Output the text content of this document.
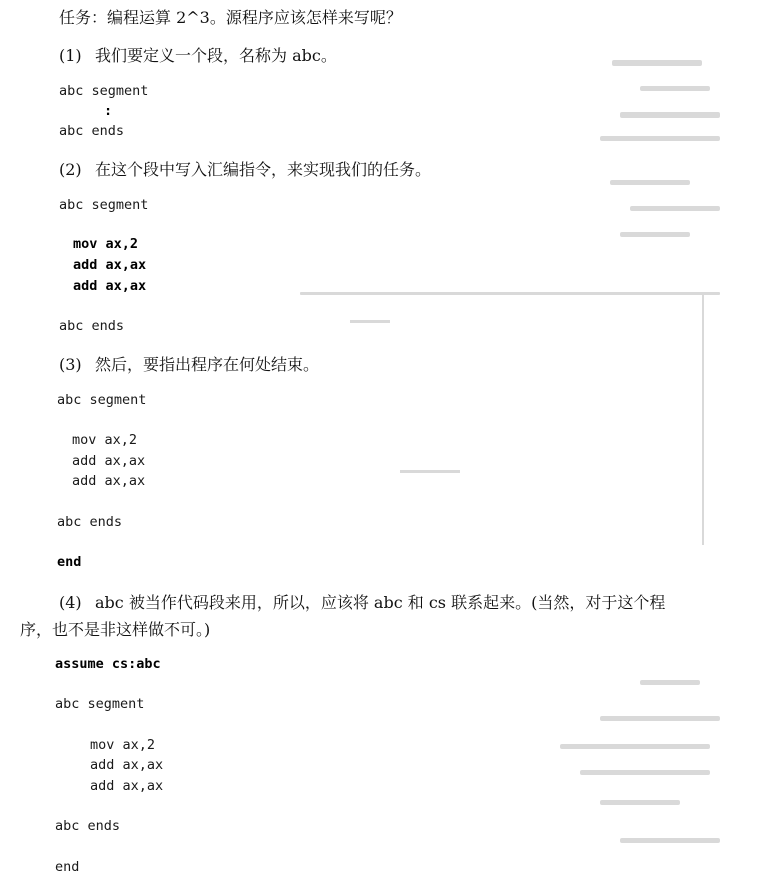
任务：编程运算 2^3。源程序应该怎样来写呢？
(1) 我们要定义一个段，名称为 abc。
abc segment
:
abc ends
(2) 在这个段中写入汇编指令，来实现我们的任务。
abc segment
mov ax,2
add ax,ax
add ax,ax
abc ends
(3) 然后，要指出程序在何处结束。
abc segment
mov ax,2
add ax,ax
add ax,ax
abc ends
end
(4) abc 被当作代码段来用，所以，应该将 abc 和 cs 联系起来。(当然，对于这个程
序，也不是非这样做不可。)
assume cs:abc
abc segment
mov ax,2
add ax,ax
add ax,ax
abc ends
end
